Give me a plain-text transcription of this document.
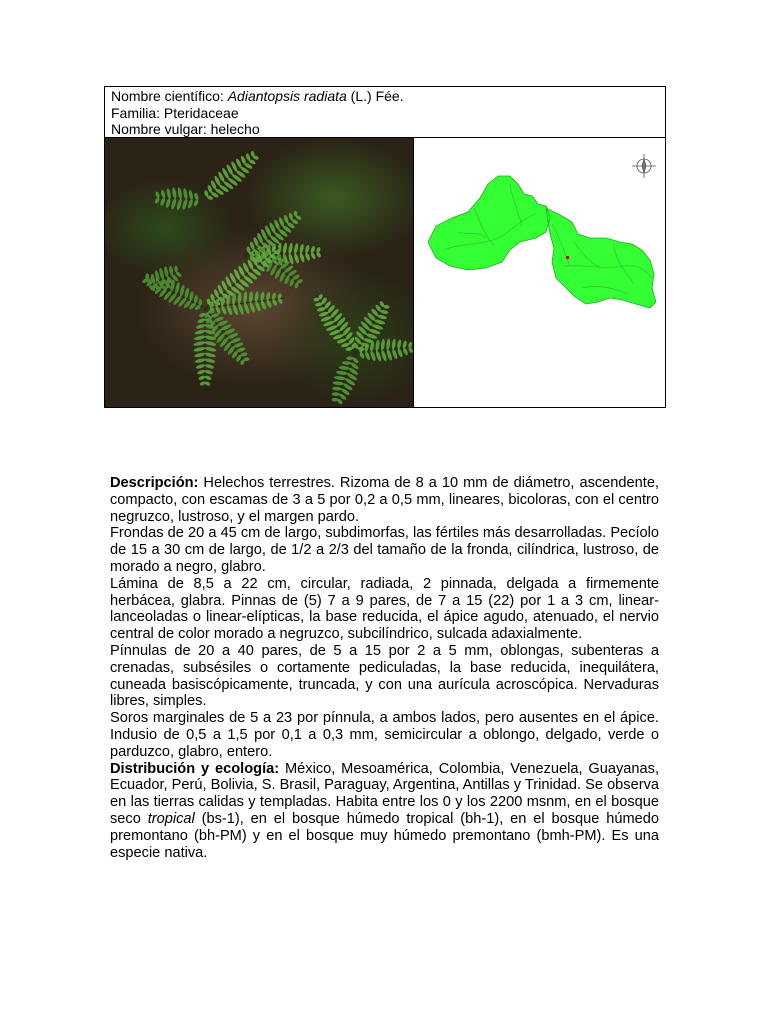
Nombre científico: Adiantopsis radiata (L.) Fée.
Familia: Pteridaceae
Nombre vulgar: helecho

Descripción: Helechos terrestres. Rizoma de 8 a 10 mm de diámetro, ascendente, compacto, con escamas de 3 a 5 por 0,2 a 0,5 mm, lineares, bicoloras, con el centro negruzco, lustroso, y el margen pardo.

Frondas de 20 a 45 cm de largo, subdimorfas, las fértiles más desarrolladas. Pecíolo de 15 a 30 cm de largo, de 1/2 a 2/3 del tamaño de la fronda, cilíndrica, lustroso, de morado a negro, glabro.

Lámina de 8,5 a 22 cm, circular, radiada, 2 pinnada, delgada a firmemente herbácea, glabra. Pinnas de (5) 7 a 9 pares, de 7 a 15 (22) por 1 a 3 cm, linear-lanceoladas o linear-elípticas, la base reducida, el ápice agudo, atenuado, el nervio central de color morado a negruzco, subcilíndrico, sulcada adaxialmente.

Pínnulas de 20 a 40 pares, de 5 a 15 por 2 a 5 mm, oblongas, subenteras a crenadas, subsésiles o cortamente pediculadas, la base reducida, inequilátera, cuneada basiscópicamente, truncada, y con una aurícula acroscópica. Nervaduras libres, simples.

Soros marginales de 5 a 23 por pínnula, a ambos lados, pero ausentes en el ápice. Indusio de 0,5 a 1,5 por 0,1 a 0,3 mm, semicircular a oblongo, delgado, verde o parduzco, glabro, entero.

Distribución y ecología: México, Mesoamérica, Colombia, Venezuela, Guayanas, Ecuador, Perú, Bolivia, S. Brasil, Paraguay, Argentina, Antillas y Trinidad. Se observa en las tierras calidas y templadas. Habita entre los 0 y los 2200 msnm, en el bosque seco tropical (bs-1), en el bosque húmedo tropical (bh-1), en el bosque húmedo premontano (bh-PM) y en el bosque muy húmedo premontano (bmh-PM). Es una especie nativa.
